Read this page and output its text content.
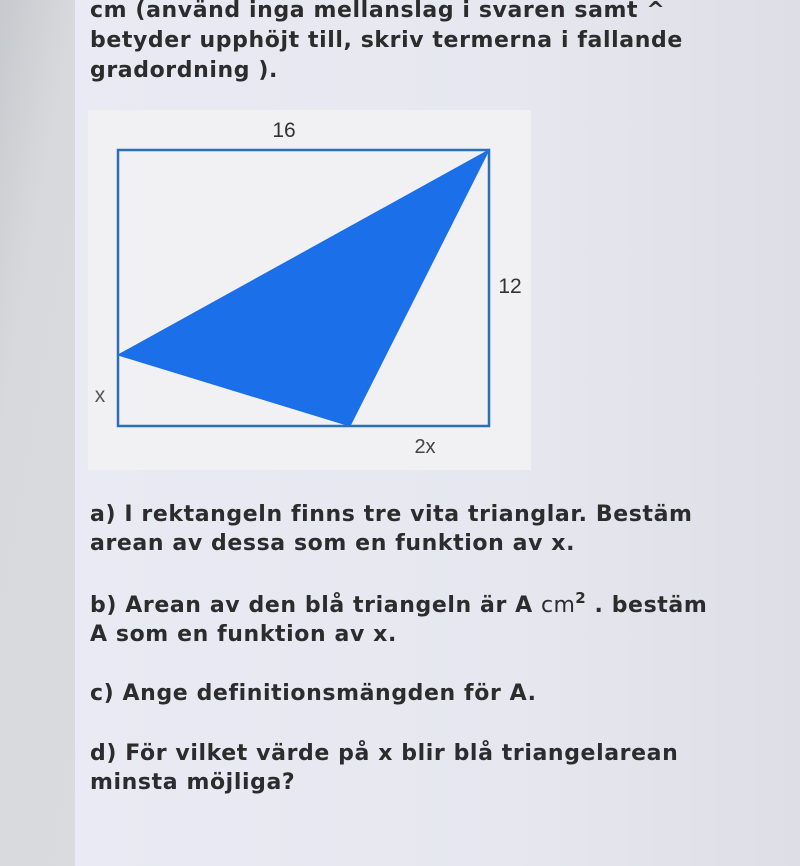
cm (använd inga mellanslag i svaren samt ^
betyder upphöjt till, skriv termerna i fallande
gradordning ).
16
12
x
2x
a) I rektangeln finns tre vita trianglar. Bestäm
arean av dessa som en funktion av x.
b) Arean av den blå triangeln är A $cm^2$ . bestäm
A som en funktion av x.
c) Ange definitionsmängden för A.
d) För vilket värde på x blir blå triangelarean
minsta möjliga?
